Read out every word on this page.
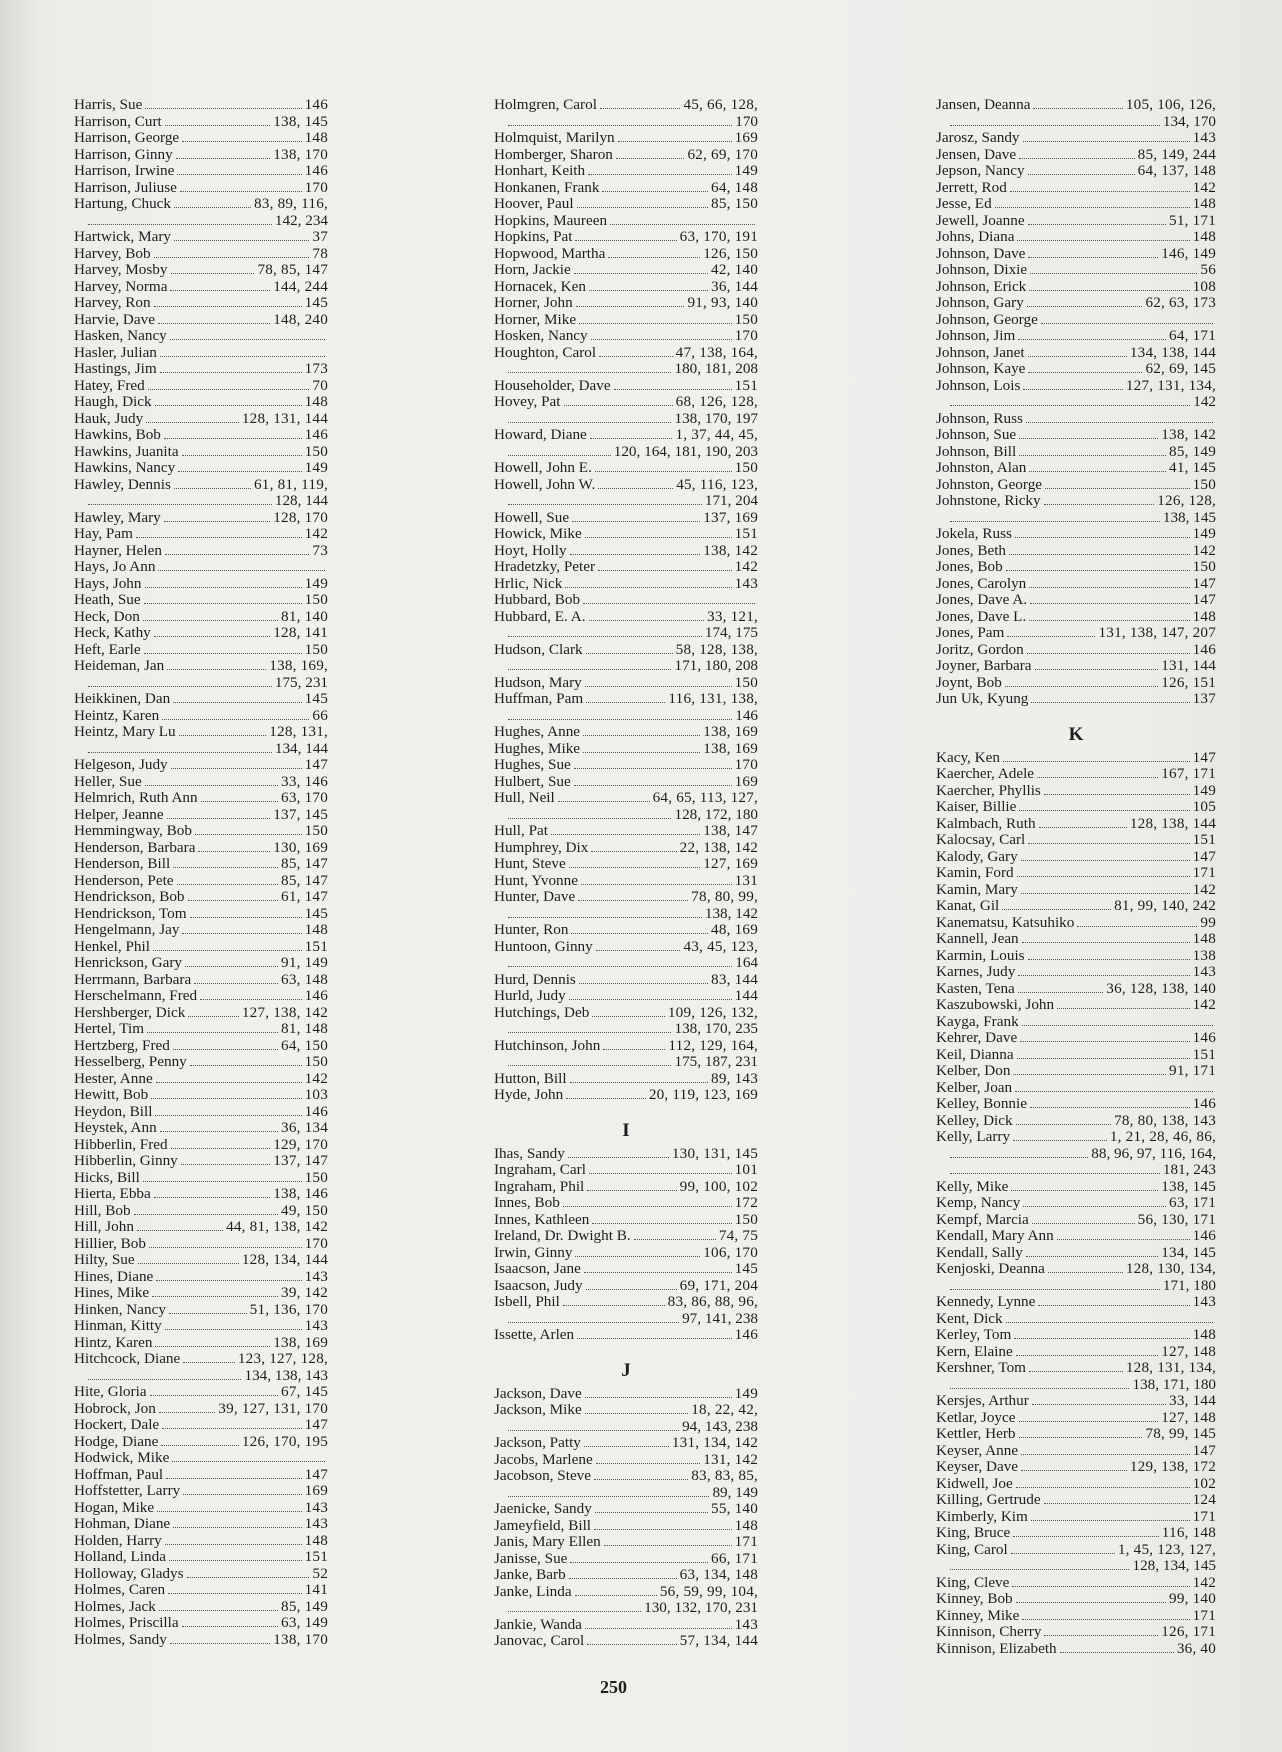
Harris, Sue	146
Harrison, Curt	138, 145
Harrison, George	148
Harrison, Ginny	138, 170
Harrison, Irwine	146
Harrison, Juliuse	170
Hartung, Chuck	83, 89, 116,
142, 234
Hartwick, Mary	37
Harvey, Bob	78
Harvey, Mosby	78, 85, 147
Harvey, Norma	144, 244
Harvey, Ron	145
Harvie, Dave	148, 240
Hasken, Nancy
Hasler, Julian
Hastings, Jim	173
Hatey, Fred	70
Haugh, Dick	148
Hauk, Judy	128, 131, 144
Hawkins, Bob	146
Hawkins, Juanita	150
Hawkins, Nancy	149
Hawley, Dennis	61, 81, 119,
128, 144
Hawley, Mary	128, 170
Hay, Pam	142
Hayner, Helen	73
Hays, Jo Ann
Hays, John	149
Heath, Sue	150
Heck, Don	81, 140
Heck, Kathy	128, 141
Heft, Earle	150
Heideman, Jan	138, 169,
175, 231
Heikkinen, Dan	145
Heintz, Karen	66
Heintz, Mary Lu	128, 131,
134, 144
Helgeson, Judy	147
Heller, Sue	33, 146
Helmrich, Ruth Ann	63, 170
Helper, Jeanne	137, 145
Hemmingway, Bob	150
Henderson, Barbara	130, 169
Henderson, Bill	85, 147
Henderson, Pete	85, 147
Hendrickson, Bob	61, 147
Hendrickson, Tom	145
Hengelmann, Jay	148
Henkel, Phil	151
Henrickson, Gary	91, 149
Herrmann, Barbara	63, 148
Herschelmann, Fred	146
Hershberger, Dick	127, 138, 142
Hertel, Tim	81, 148
Hertzberg, Fred	64, 150
Hesselberg, Penny	150
Hester, Anne	142
Hewitt, Bob	103
Heydon, Bill	146
Heystek, Ann	36, 134
Hibberlin, Fred	129, 170
Hibberlin, Ginny	137, 147
Hicks, Bill	150
Hierta, Ebba	138, 146
Hill, Bob	49, 150
Hill, John	44, 81, 138, 142
Hillier, Bob	170
Hilty, Sue	128, 134, 144
Hines, Diane	143
Hines, Mike	39, 142
Hinken, Nancy	51, 136, 170
Hinman, Kitty	143
Hintz, Karen	138, 169
Hitchcock, Diane	123, 127, 128,
134, 138, 143
Hite, Gloria	67, 145
Hobrock, Jon	39, 127, 131, 170
Hockert, Dale	147
Hodge, Diane	126, 170, 195
Hodwick, Mike
Hoffman, Paul	147
Hoffstetter, Larry	169
Hogan, Mike	143
Hohman, Diane	143
Holden, Harry	148
Holland, Linda	151
Holloway, Gladys	52
Holmes, Caren	141
Holmes, Jack	85, 149
Holmes, Priscilla	63, 149
Holmes, Sandy	138, 170
Holmgren, Carol	45, 66, 128,
170
Holmquist, Marilyn	169
Homberger, Sharon	62, 69, 170
Honhart, Keith	149
Honkanen, Frank	64, 148
Hoover, Paul	85, 150
Hopkins, Maureen
Hopkins, Pat	63, 170, 191
Hopwood, Martha	126, 150
Horn, Jackie	42, 140
Hornacek, Ken	36, 144
Horner, John	91, 93, 140
Horner, Mike	150
Hosken, Nancy	170
Houghton, Carol	47, 138, 164,
180, 181, 208
Householder, Dave	151
Hovey, Pat	68, 126, 128,
138, 170, 197
Howard, Diane	1, 37, 44, 45,
120, 164, 181, 190, 203
Howell, John E.	150
Howell, John W.	45, 116, 123,
171, 204
Howell, Sue	137, 169
Howick, Mike	151
Hoyt, Holly	138, 142
Hradetzky, Peter	142
Hrlic, Nick	143
Hubbard, Bob
Hubbard, E. A.	33, 121,
174, 175
Hudson, Clark	58, 128, 138,
171, 180, 208
Hudson, Mary	150
Huffman, Pam	116, 131, 138,
146
Hughes, Anne	138, 169
Hughes, Mike	138, 169
Hughes, Sue	170
Hulbert, Sue	169
Hull, Neil	64, 65, 113, 127,
128, 172, 180
Hull, Pat	138, 147
Humphrey, Dix	22, 138, 142
Hunt, Steve	127, 169
Hunt, Yvonne	131
Hunter, Dave	78, 80, 99,
138, 142
Hunter, Ron	48, 169
Huntoon, Ginny	43, 45, 123,
164
Hurd, Dennis	83, 144
Hurld, Judy	144
Hutchings, Deb	109, 126, 132,
138, 170, 235
Hutchinson, John	112, 129, 164,
175, 187, 231
Hutton, Bill	89, 143
Hyde, John	20, 119, 123, 169
I
Ihas, Sandy	130, 131, 145
Ingraham, Carl	101
Ingraham, Phil	99, 100, 102
Innes, Bob	172
Innes, Kathleen	150
Ireland, Dr. Dwight B.	74, 75
Irwin, Ginny	106, 170
Isaacson, Jane	145
Isaacson, Judy	69, 171, 204
Isbell, Phil	83, 86, 88, 96,
97, 141, 238
Issette, Arlen	146
J
Jackson, Dave	149
Jackson, Mike	18, 22, 42,
94, 143, 238
Jackson, Patty	131, 134, 142
Jacobs, Marlene	131, 142
Jacobson, Steve	83, 83, 85,
89, 149
Jaenicke, Sandy	55, 140
Jameyfield, Bill	148
Janis, Mary Ellen	171
Janisse, Sue	66, 171
Janke, Barb	63, 134, 148
Janke, Linda	56, 59, 99, 104,
130, 132, 170, 231
Jankie, Wanda	143
Janovac, Carol	57, 134, 144
Jansen, Deanna	105, 106, 126,
134, 170
Jarosz, Sandy	143
Jensen, Dave	85, 149, 244
Jepson, Nancy	64, 137, 148
Jerrett, Rod	142
Jesse, Ed	148
Jewell, Joanne	51, 171
Johns, Diana	148
Johnson, Dave	146, 149
Johnson, Dixie	56
Johnson, Erick	108
Johnson, Gary	62, 63, 173
Johnson, George
Johnson, Jim	64, 171
Johnson, Janet	134, 138, 144
Johnson, Kaye	62, 69, 145
Johnson, Lois	127, 131, 134,
142
Johnson, Russ
Johnson, Sue	138, 142
Johnson, Bill	85, 149
Johnston, Alan	41, 145
Johnston, George	150
Johnstone, Ricky	126, 128,
138, 145
Jokela, Russ	149
Jones, Beth	142
Jones, Bob	150
Jones, Carolyn	147
Jones, Dave A.	147
Jones, Dave L.	148
Jones, Pam	131, 138, 147, 207
Joritz, Gordon	146
Joyner, Barbara	131, 144
Joynt, Bob	126, 151
Jun Uk, Kyung	137
K
Kacy, Ken	147
Kaercher, Adele	167, 171
Kaercher, Phyllis	149
Kaiser, Billie	105
Kalmbach, Ruth	128, 138, 144
Kalocsay, Carl	151
Kalody, Gary	147
Kamin, Ford	171
Kamin, Mary	142
Kanat, Gil	81, 99, 140, 242
Kanematsu, Katsuhiko	99
Kannell, Jean	148
Karmin, Louis	138
Karnes, Judy	143
Kasten, Tena	36, 128, 138, 140
Kaszubowski, John	142
Kayga, Frank
Kehrer, Dave	146
Keil, Dianna	151
Kelber, Don	91, 171
Kelber, Joan
Kelley, Bonnie	146
Kelley, Dick	78, 80, 138, 143
Kelly, Larry	1, 21, 28, 46, 86,
88, 96, 97, 116, 164,
181, 243
Kelly, Mike	138, 145
Kemp, Nancy	63, 171
Kempf, Marcia	56, 130, 171
Kendall, Mary Ann	146
Kendall, Sally	134, 145
Kenjoski, Deanna	128, 130, 134,
171, 180
Kennedy, Lynne	143
Kent, Dick
Kerley, Tom	148
Kern, Elaine	127, 148
Kershner, Tom	128, 131, 134,
138, 171, 180
Kersjes, Arthur	33, 144
Ketlar, Joyce	127, 148
Kettler, Herb	78, 99, 145
Keyser, Anne	147
Keyser, Dave	129, 138, 172
Kidwell, Joe	102
Killing, Gertrude	124
Kimberly, Kim	171
King, Bruce	116, 148
King, Carol	1, 45, 123, 127,
128, 134, 145
King, Cleve	142
Kinney, Bob	99, 140
Kinney, Mike	171
Kinnison, Cherry	126, 171
Kinnison, Elizabeth	36, 40
250
